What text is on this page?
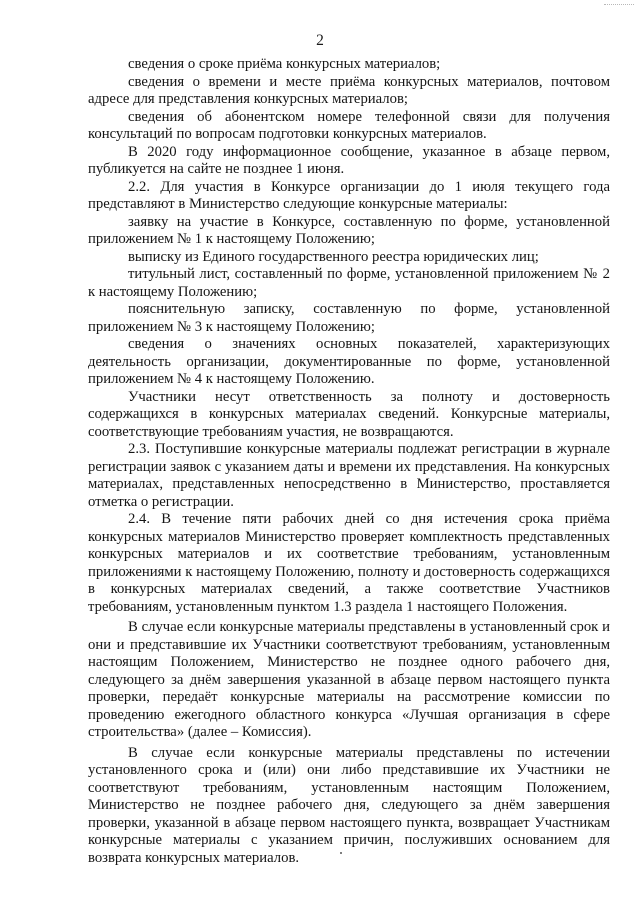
2

сведения о сроке приёма конкурсных материалов;

сведения о времени и месте приёма конкурсных материалов, почтовом адресе для представления конкурсных материалов;

сведения об абонентском номере телефонной связи для получения консультаций по вопросам подготовки конкурсных материалов.

В 2020 году информационное сообщение, указанное в абзаце первом, публикуется на сайте не позднее 1 июня.

2.2. Для участия в Конкурсе организации до 1 июля текущего года представляют в Министерство следующие конкурсные материалы:

заявку на участие в Конкурсе, составленную по форме, установленной приложением № 1 к настоящему Положению;

выписку из Единого государственного реестра юридических лиц;

титульный лист, составленный по форме, установленной приложением № 2 к настоящему Положению;

пояснительную записку, составленную по форме, установленной приложением № 3 к настоящему Положению;

сведения о значениях основных показателей, характеризующих деятельность организации, документированные по форме, установленной приложением № 4 к настоящему Положению.

Участники несут ответственность за полноту и достоверность содержащихся в конкурсных материалах сведений. Конкурсные материалы, соответствующие требованиям участия, не возвращаются.

2.3. Поступившие конкурсные материалы подлежат регистрации в журнале регистрации заявок с указанием даты и времени их представления. На конкурсных материалах, представленных непосредственно в Министерство, проставляется отметка о регистрации.

2.4. В течение пяти рабочих дней со дня истечения срока приёма конкурсных материалов Министерство проверяет комплектность представленных конкурсных материалов и их соответствие требованиям, установленным приложениями к настоящему Положению, полноту и достоверность содержащихся в конкурсных материалах сведений, а также соответствие Участников требованиям, установленным пунктом 1.3 раздела 1 настоящего Положения.

В случае если конкурсные материалы представлены в установленный срок и они и представившие их Участники соответствуют требованиям, установленным настоящим Положением, Министерство не позднее одного рабочего дня, следующего за днём завершения указанной в абзаце первом настоящего пункта проверки, передаёт конкурсные материалы на рассмотрение комиссии по проведению ежегодного областного конкурса «Лучшая организация в сфере строительства» (далее – Комиссия).

В случае если конкурсные материалы представлены по истечении установленного срока и (или) они либо представившие их Участники не соответствуют требованиям, установленным настоящим Положением, Министерство не позднее рабочего дня, следующего за днём завершения проверки, указанной в абзаце первом настоящего пункта, возвращает Участникам конкурсные материалы с указанием причин, послуживших основанием для возврата конкурсных материалов.
